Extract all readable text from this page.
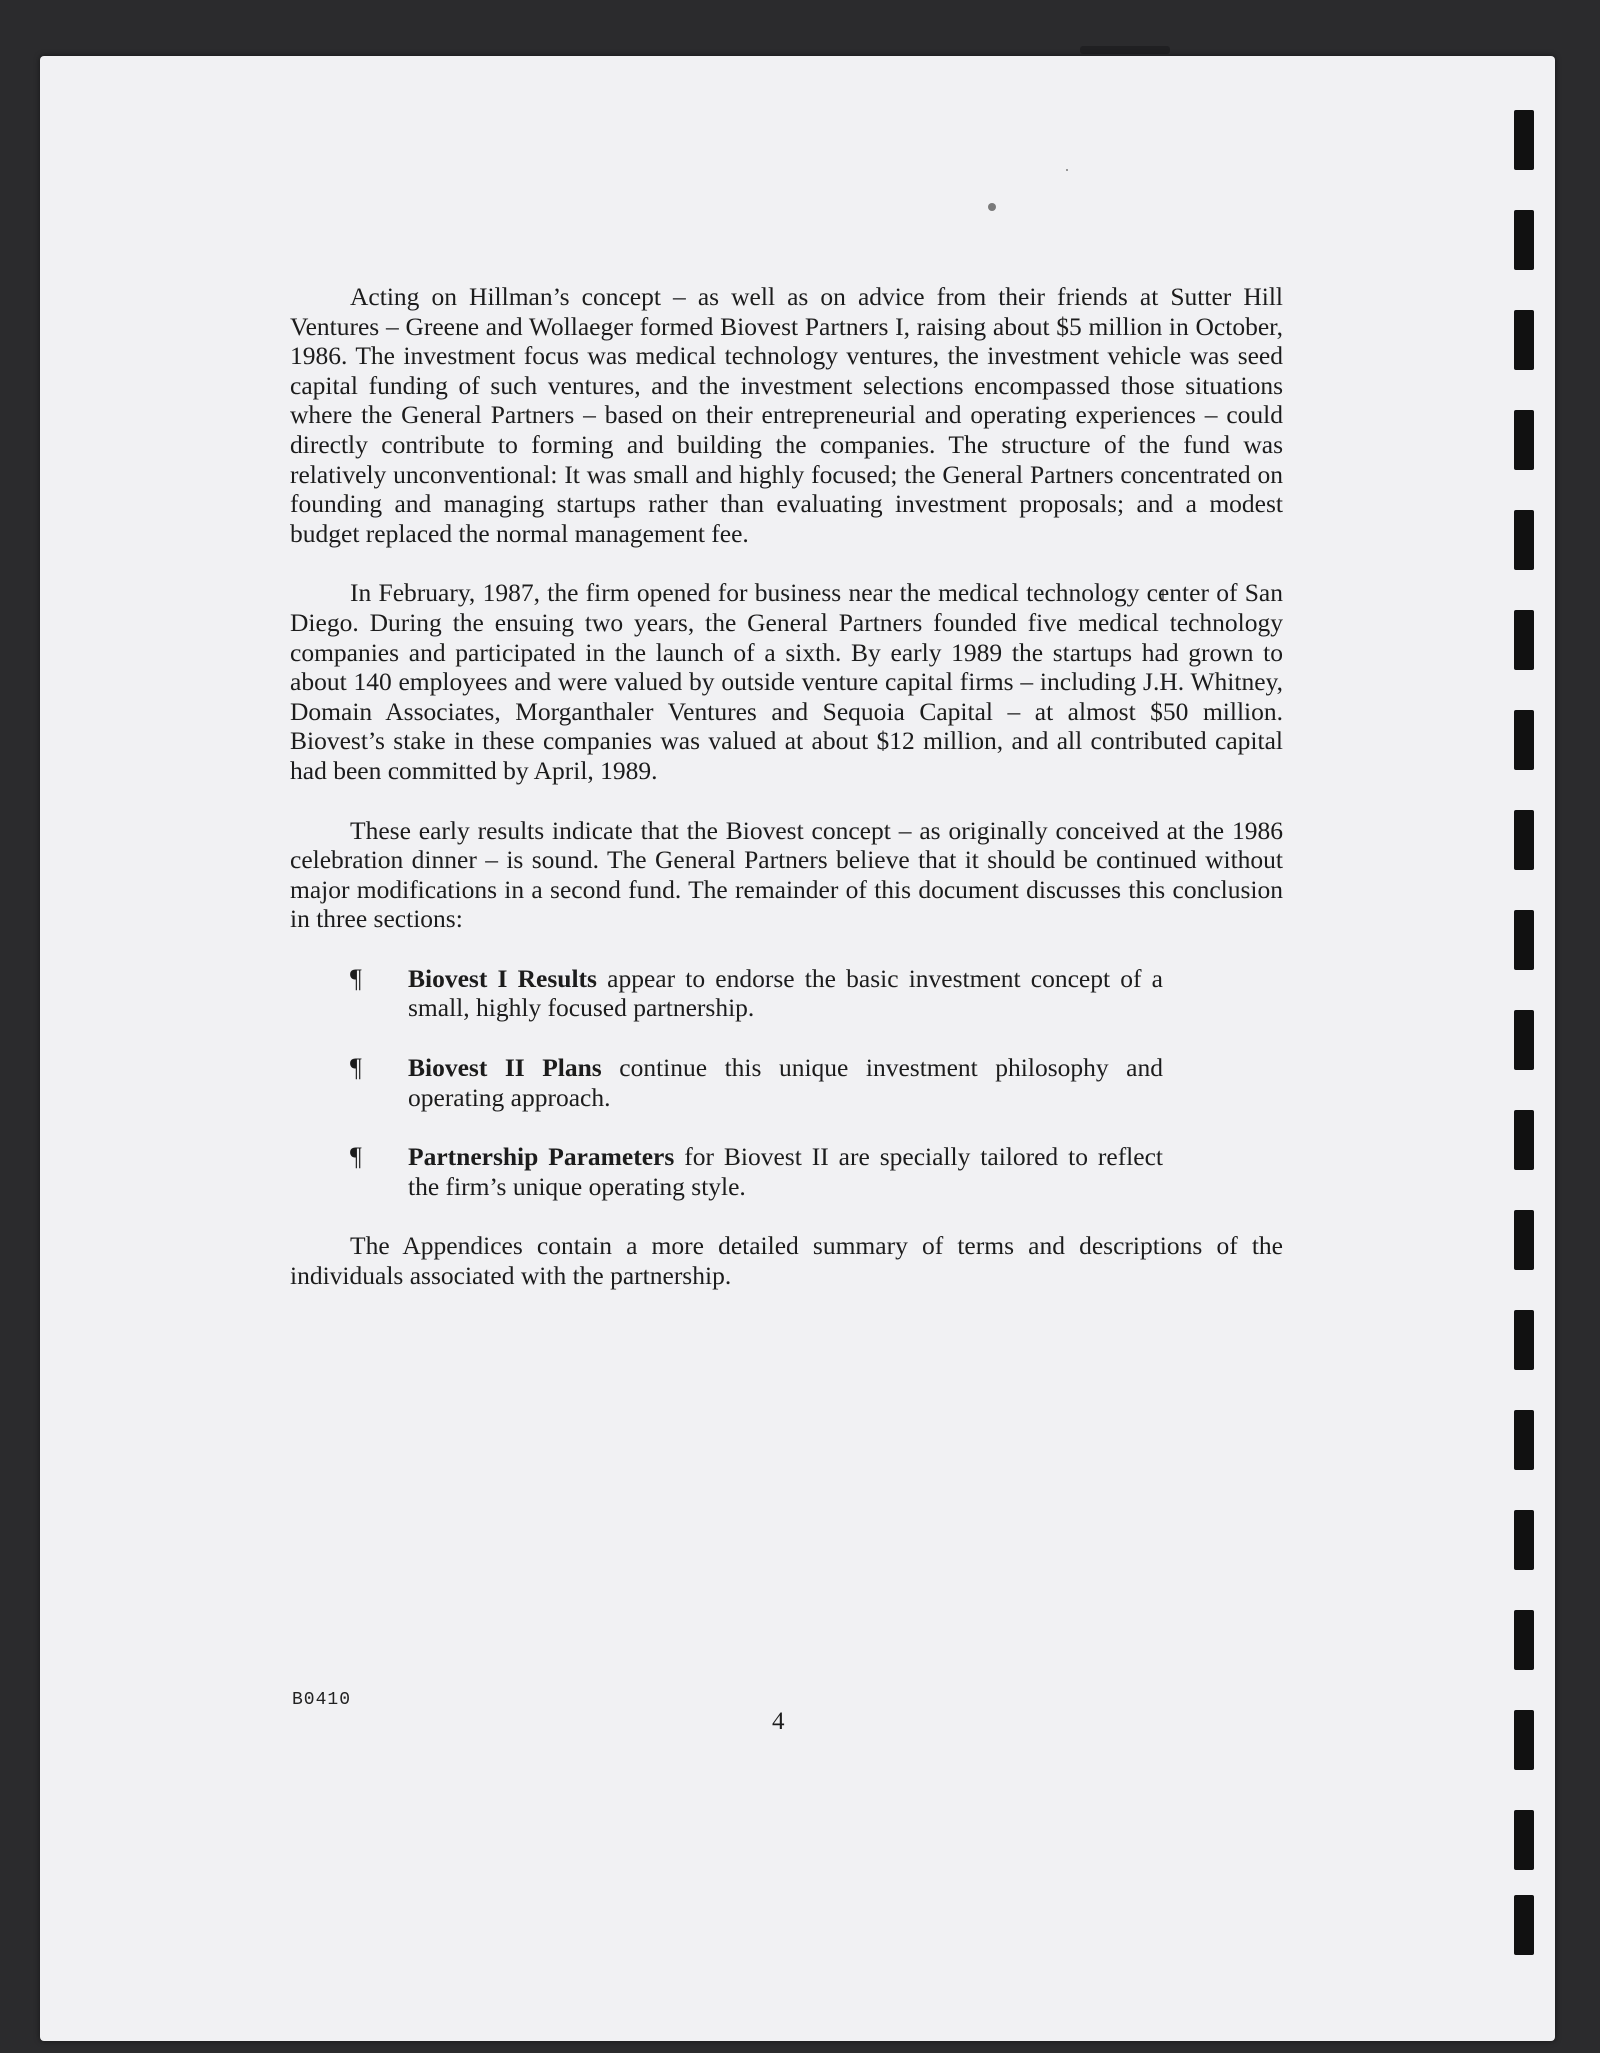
Acting on Hillman’s concept – as well as on advice from their friends at Sutter Hill Ventures – Greene and Wollaeger formed Biovest Partners I, raising about $5 million in October, 1986. The investment focus was medical technology ventures, the investment vehicle was seed capital funding of such ventures, and the investment selections encompassed those situations where the General Partners – based on their entrepreneurial and operating experiences – could directly contribute to forming and building the companies. The structure of the fund was relatively unconventional: It was small and highly focused; the General Partners concentrated on founding and managing startups rather than evaluating investment proposals; and a modest budget replaced the normal management fee.

In February, 1987, the firm opened for business near the medical technology center of San Diego. During the ensuing two years, the General Partners founded five medical technology companies and participated in the launch of a sixth. By early 1989 the startups had grown to about 140 employees and were valued by outside venture capital firms – including J.H. Whitney, Domain Associates, Morganthaler Ventures and Sequoia Capital – at almost $50 million. Biovest’s stake in these companies was valued at about $12 million, and all contributed capital had been committed by April, 1989.

These early results indicate that the Biovest concept – as originally conceived at the 1986 celebration dinner – is sound. The General Partners believe that it should be continued without major modifications in a second fund. The remainder of this document discusses this conclusion in three sections:

¶ Biovest I Results appear to endorse the basic investment concept of a small, highly focused partnership.
¶ Biovest II Plans continue this unique investment philosophy and operating approach.
¶ Partnership Parameters for Biovest II are specially tailored to reflect the firm’s unique operating style.

The Appendices contain a more detailed summary of terms and descriptions of the individuals associated with the partnership.

B0410
4
